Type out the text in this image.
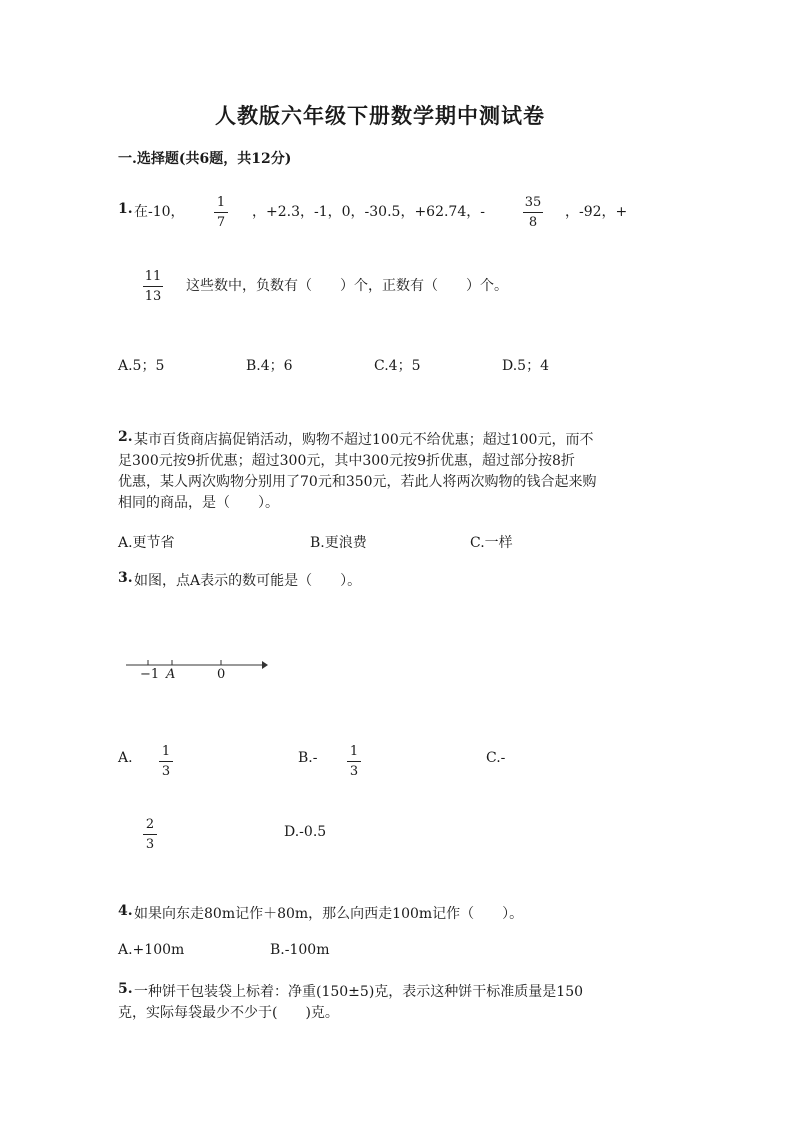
人教版六年级下册数学期中测试卷
一.选择题(共6题，共12分)
1. 在-10，
1
7
，+2.3，-1，0，-30.5，+62.74，-
35
8
，-92，+
11
13
这些数中，负数有（　　）个，正数有（　　）个。
A.5；5	B.4；6	C.4；5	D.5；4
2. 某市百货商店搞促销活动，购物不超过100元不给优惠；超过100元，而不
足300元按9折优惠；超过300元，其中300元按9折优惠，超过部分按8折
优惠，某人两次购物分别用了70元和350元，若此人将两次购物的钱合起来购
相同的商品，是（　　）。
A.更节省	B.更浪费	C.一样
3. 如图，点A表示的数可能是（　　）。
−1 A	0
A. 1
3
B.- 1
3
C.-
2
3
D.-0.5
4. 如果向东走80m记作＋80m，那么向西走100m记作（　　）。
A.+100m	B.-100m
5. 一种饼干包装袋上标着：净重(150±5)克，表示这种饼干标准质量是150
克，实际每袋最少不少于(　　)克。
